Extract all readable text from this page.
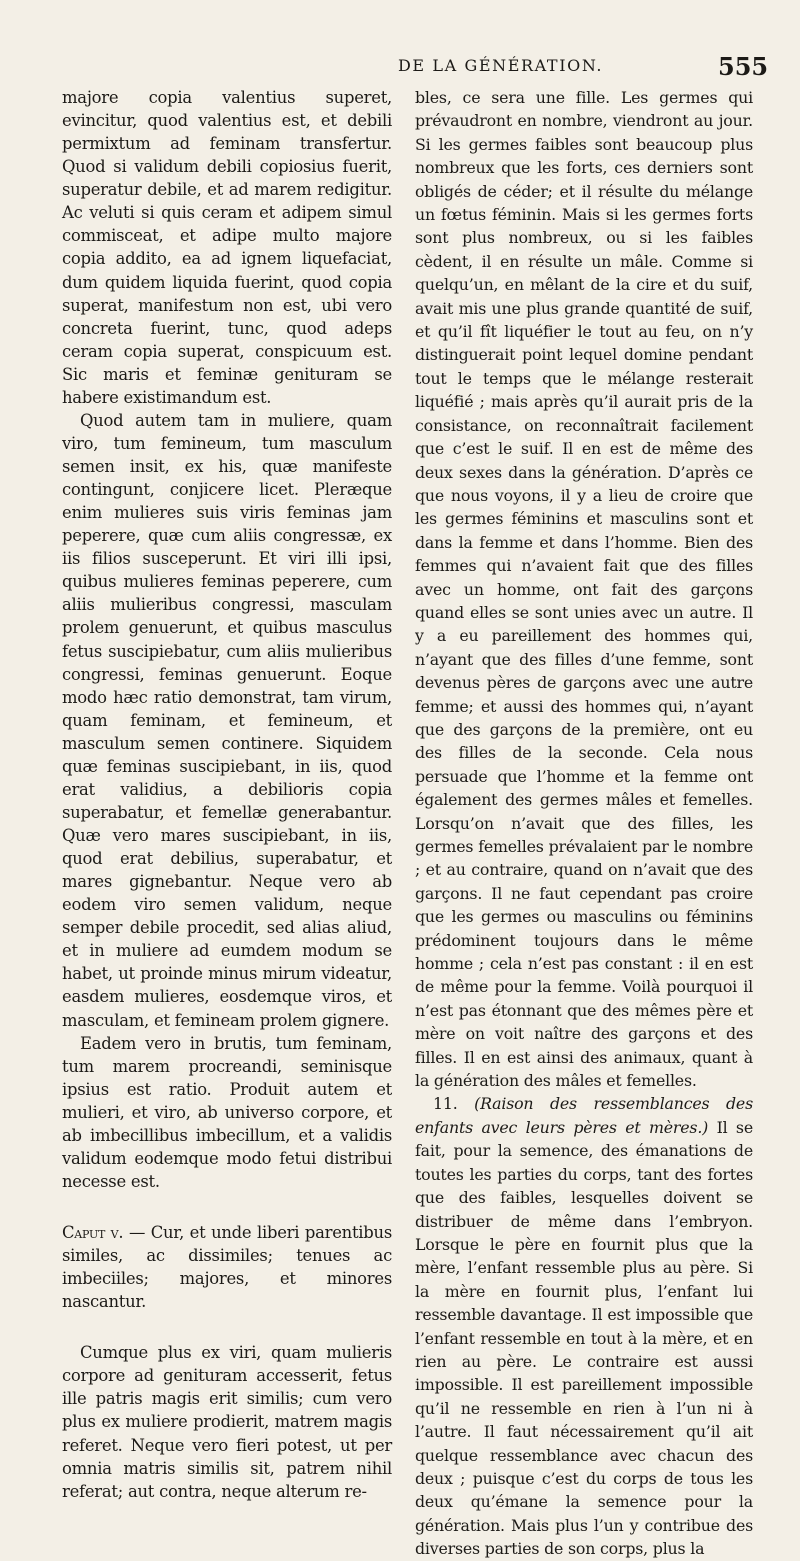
DE LA GÉNÉRATION.	555

majore copia valentius superet, evincitur, quod valentius est, et debili permixtum ad feminam transfertur. Quod si validum debili copiosius fuerit, superatur debile, et ad marem redigitur. Ac veluti si quis ceram et adipem simul commisceat, et adipe multo majore copia addito, ea ad ignem liquefaciat, dum quidem liquida fuerint, quod copia superat, manifestum non est, ubi vero concreta fuerint, tunc, quod adeps ceram copia superat, conspicuum est. Sic maris et feminæ genituram se habere existimandum est.

Quod autem tam in muliere, quam viro, tum femineum, tum masculum semen insit, ex his, quæ manifeste contingunt, conjicere licet. Pleræque enim mulieres suis viris feminas jam peperere, quæ cum aliis congressæ, ex iis filios susceperunt. Et viri illi ipsi, quibus mulieres feminas peperere, cum aliis mulieribus congressi, masculam prolem genuerunt, et quibus masculus fetus suscipiebatur, cum aliis mulieribus congressi, feminas genuerunt. Eoque modo hæc ratio demonstrat, tam virum, quam feminam, et femineum, et masculum semen continere. Siquidem quæ feminas suscipiebant, in iis, quod erat validius, a debilioris copia superabatur, et femellæ generabantur. Quæ vero mares suscipiebant, in iis, quod erat debilius, superabatur, et mares gignebantur. Neque vero ab eodem viro semen validum, neque semper debile procedit, sed alias aliud, et in muliere ad eumdem modum se habet, ut proinde minus mirum videatur, easdem mulieres, eosdemque viros, et masculam, et femineam prolem gignere.

Eadem vero in brutis, tum feminam, tum marem procreandi, seminisque ipsius est ratio. Produit autem et mulieri, et viro, ab universo corpore, et ab imbecillibus imbecillum, et a validis validum eodemque modo fetui distribui necesse est.

Caput v. — Cur, et unde liberi parentibus similes, ac dissimiles; tenues ac imbeciiles; majores, et minores nascantur.

Cumque plus ex viri, quam mulieris corpore ad genituram accesserit, fetus ille patris magis erit similis; cum vero plus ex muliere prodierit, matrem magis referet. Neque vero fieri potest, ut per omnia matris similis sit, patrem nihil referat; aut contra, neque alterum re-

bles, ce sera une fille. Les germes qui prévaudront en nombre, viendront au jour. Si les germes faibles sont beaucoup plus nombreux que les forts, ces derniers sont obligés de céder; et il résulte du mélange un fœtus féminin. Mais si les germes forts sont plus nombreux, ou si les faibles cèdent, il en résulte un mâle. Comme si quelqu’un, en mêlant de la cire et du suif, avait mis une plus grande quantité de suif, et qu’il fît liquéfier le tout au feu, on n’y distinguerait point lequel domine pendant tout le temps que le mélange resterait liquéfié ; mais après qu’il aurait pris de la consistance, on reconnaîtrait facilement que c’est le suif. Il en est de même des deux sexes dans la génération. D’après ce que nous voyons, il y a lieu de croire que les germes féminins et masculins sont et dans la femme et dans l’homme. Bien des femmes qui n’avaient fait que des filles avec un homme, ont fait des garçons quand elles se sont unies avec un autre. Il y a eu pareillement des hommes qui, n’ayant que des filles d’une femme, sont devenus pères de garçons avec une autre femme; et aussi des hommes qui, n’ayant que des garçons de la première, ont eu des filles de la seconde. Cela nous persuade que l’homme et la femme ont également des germes mâles et femelles. Lorsqu’on n’avait que des filles, les germes femelles prévalaient par le nombre ; et au contraire, quand on n’avait que des garçons. Il ne faut cependant pas croire que les germes ou masculins ou féminins prédominent toujours dans le même homme ; cela n’est pas constant : il en est de même pour la femme. Voilà pourquoi il n’est pas étonnant que des mêmes père et mère on voit naître des garçons et des filles. Il en est ainsi des animaux, quant à la génération des mâles et femelles.

11. (Raison des ressemblances des enfants avec leurs pères et mères.) Il se fait, pour la semence, des émanations de toutes les parties du corps, tant des fortes que des faibles, lesquelles doivent se distribuer de même dans l’embryon. Lorsque le père en fournit plus que la mère, l’enfant ressemble plus au père. Si la mère en fournit plus, l’enfant lui ressemble davantage. Il est impossible que l’enfant ressemble en tout à la mère, et en rien au père. Le contraire est aussi impossible. Il est pareillement impossible qu’il ne ressemble en rien à l’un ni à l’autre. Il faut nécessairement qu’il ait quelque ressemblance avec chacun des deux ; puisque c’est du corps de tous les deux qu’émane la semence pour la génération. Mais plus l’un y contribue des diverses parties de son corps, plus la
